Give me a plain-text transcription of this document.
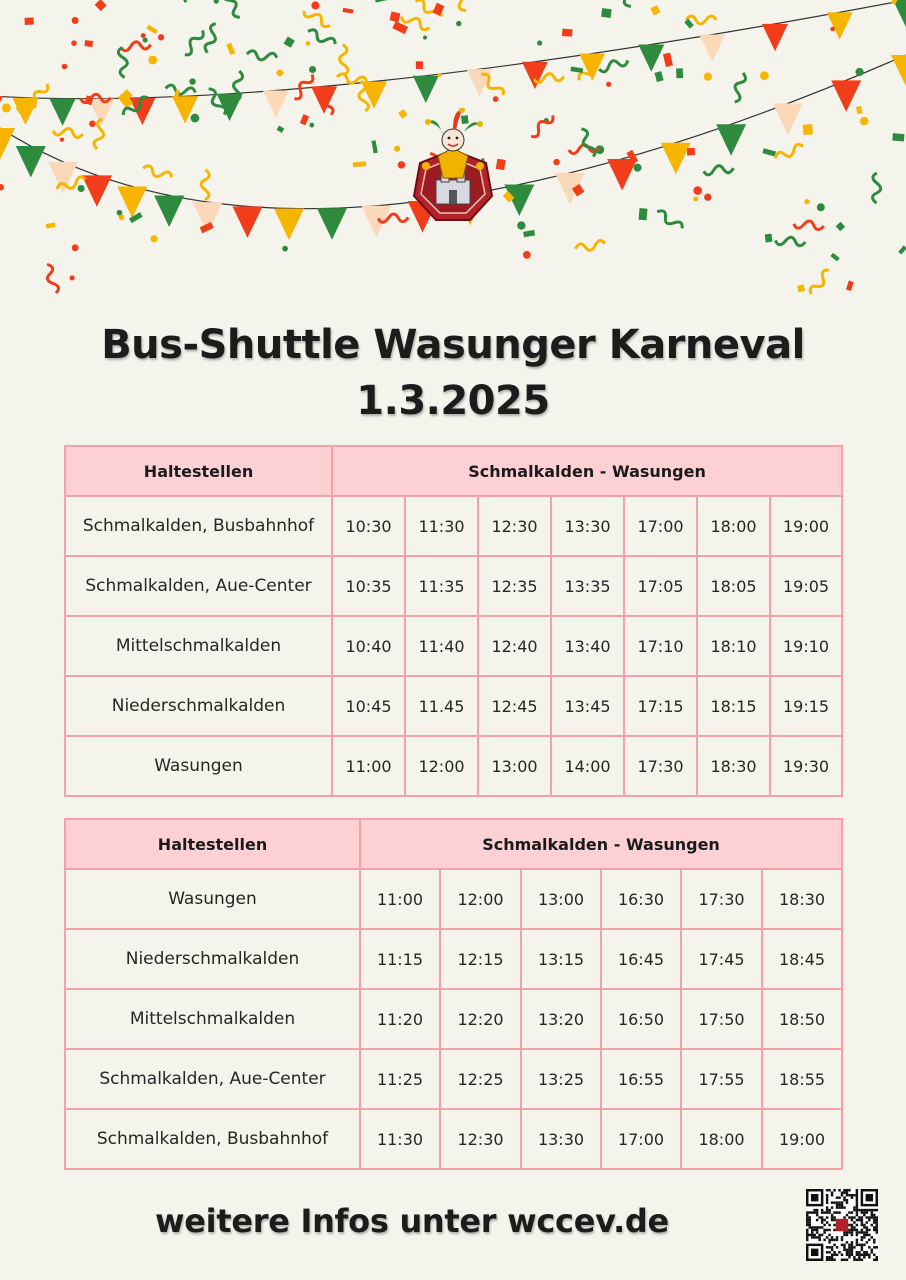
Bus-Shuttle Wasunger Karneval
1.3.2025
Haltestellen	Schmalkalden - Wasungen						
Schmalkalden, Busbahnhof	10:30	11:30	12:30	13:30	17:00	18:00	19:00
Schmalkalden, Aue-Center	10:35	11:35	12:35	13:35	17:05	18:05	19:05
Mittelschmalkalden	10:40	11:40	12:40	13:40	17:10	18:10	19:10
Niederschmalkalden	10:45	11.45	12:45	13:45	17:15	18:15	19:15
Wasungen	11:00	12:00	13:00	14:00	17:30	18:30	19:30
Haltestellen	Schmalkalden - Wasungen					
Wasungen	11:00	12:00	13:00	16:30	17:30	18:30
Niederschmalkalden	11:15	12:15	13:15	16:45	17:45	18:45
Mittelschmalkalden	11:20	12:20	13:20	16:50	17:50	18:50
Schmalkalden, Aue-Center	11:25	12:25	13:25	16:55	17:55	18:55
Schmalkalden, Busbahnhof	11:30	12:30	13:30	17:00	18:00	19:00
weitere Infos unter wccev.de
